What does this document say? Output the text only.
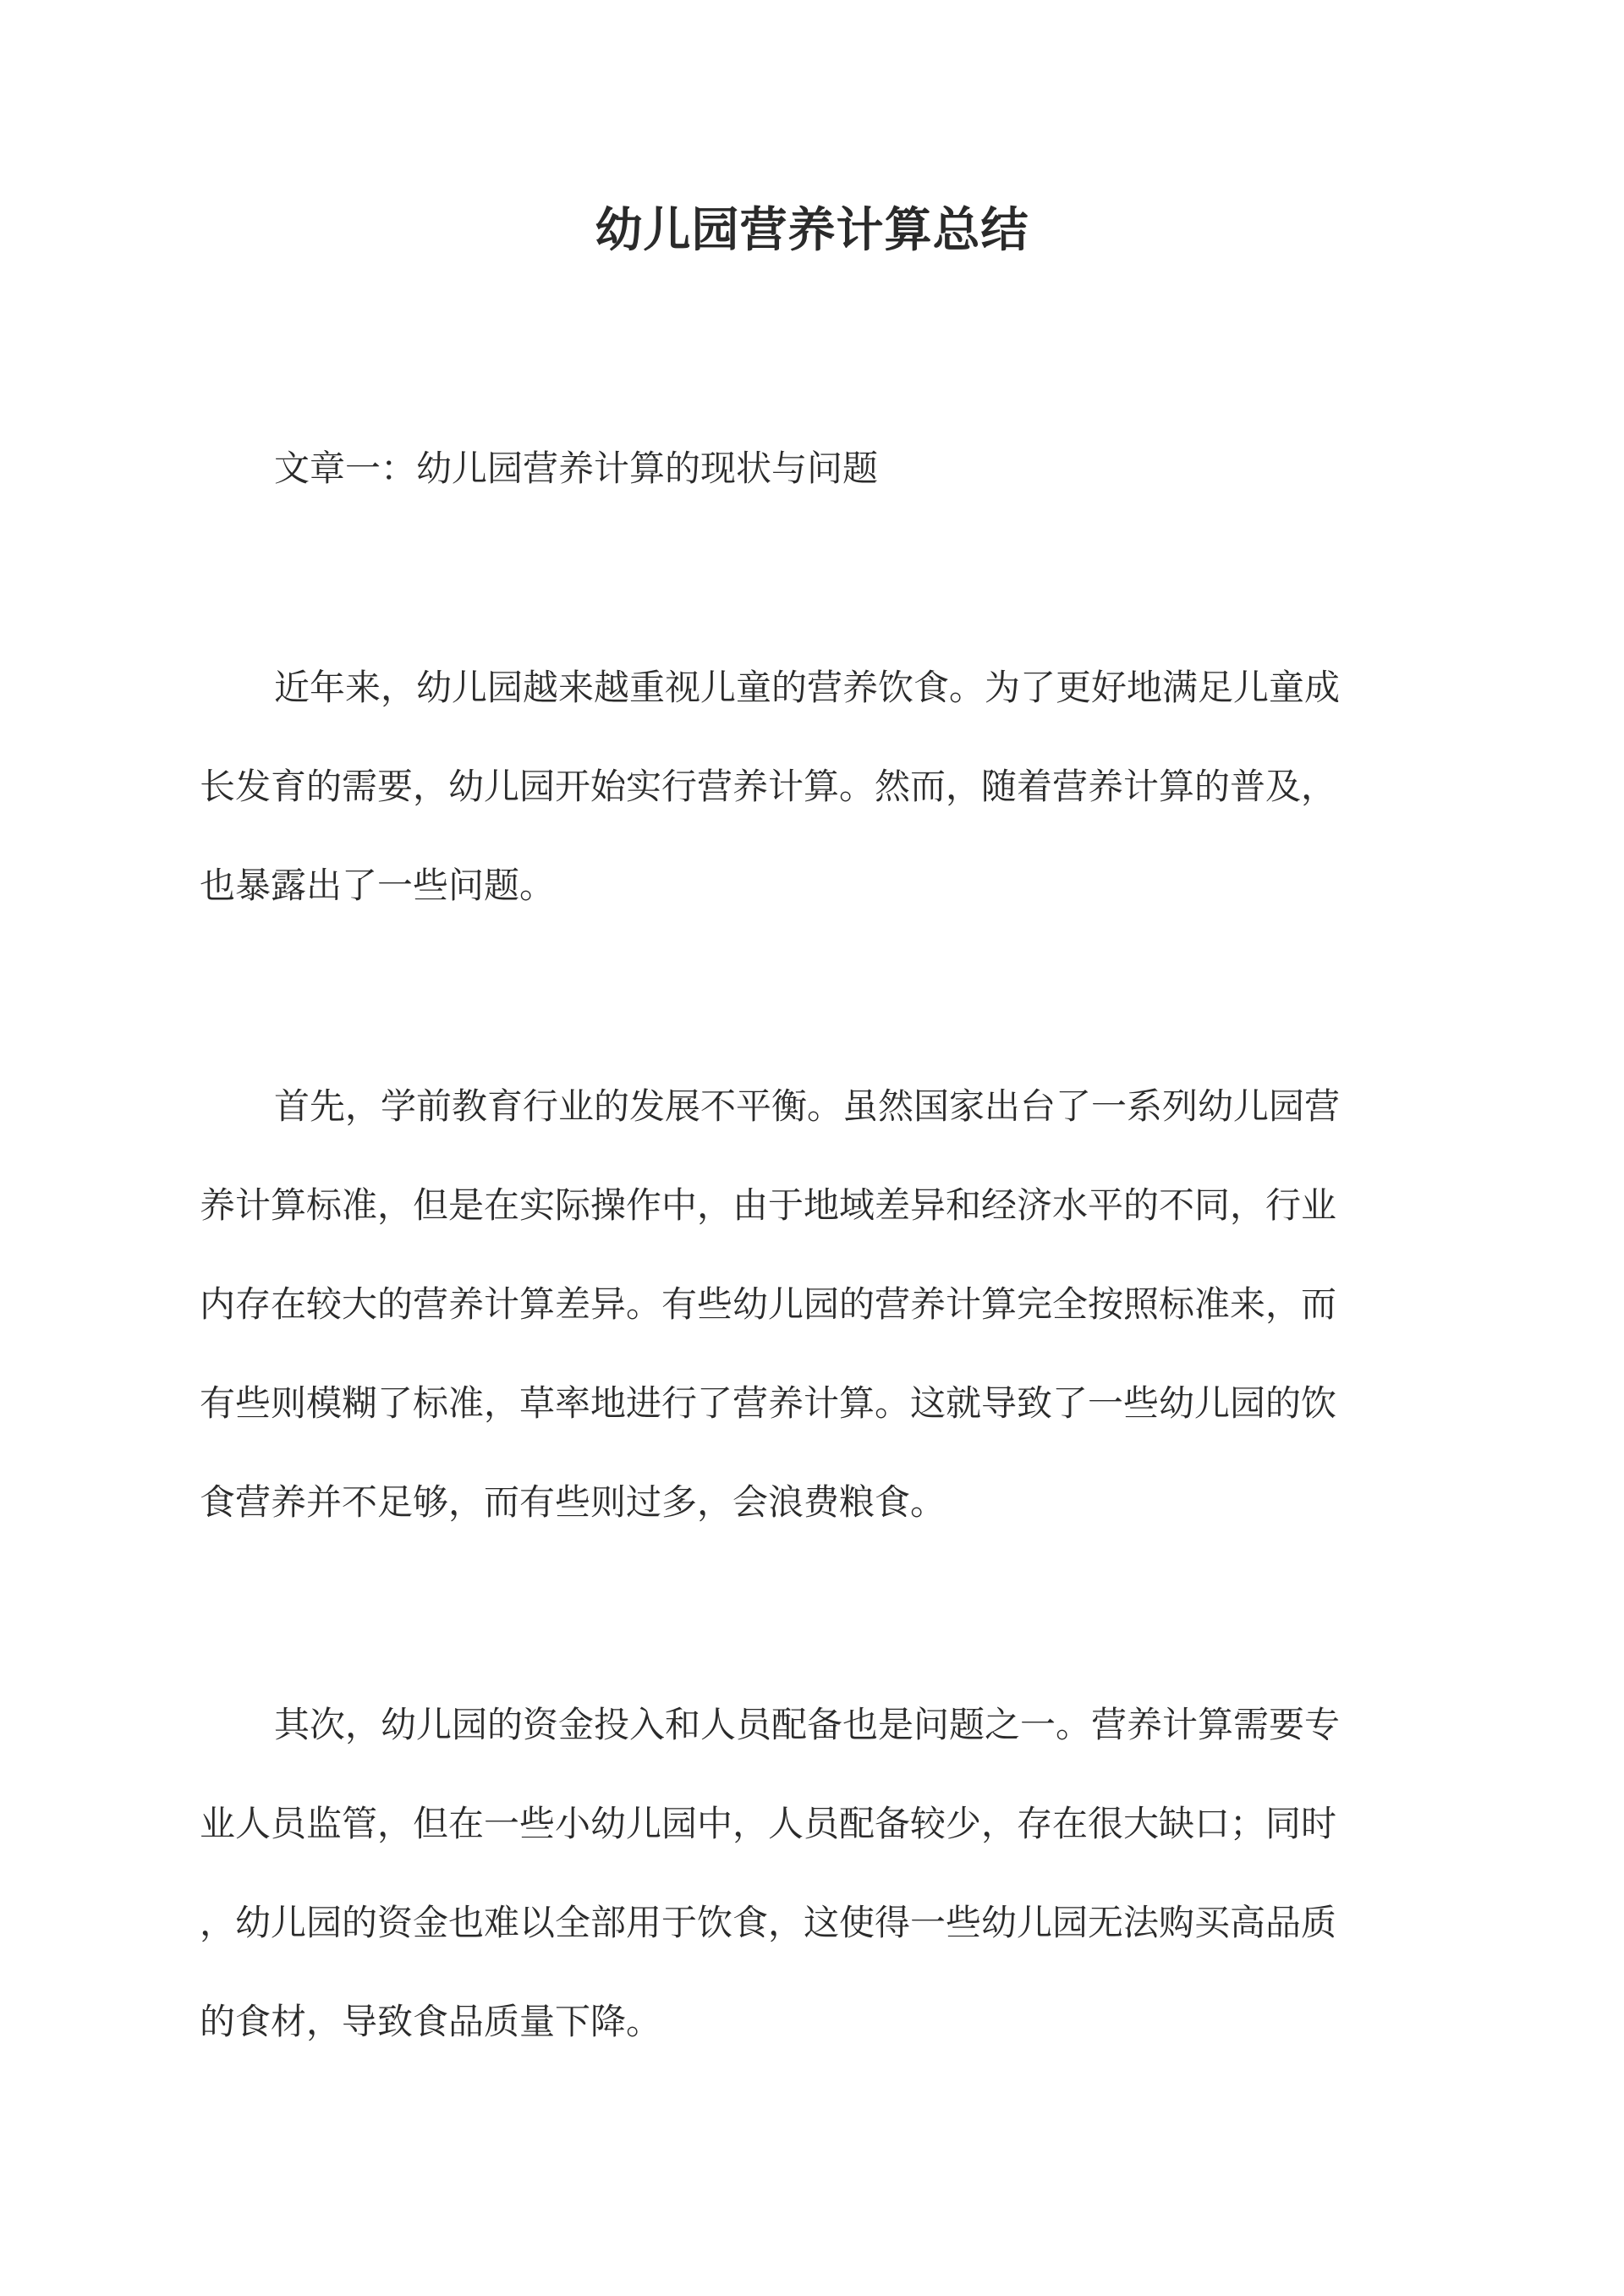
幼儿园营养计算总结

文章一：幼儿园营养计算的现状与问题

近年来，幼儿园越来越重视儿童的营养饮食。为了更好地满足儿童成
长发育的需要，幼儿园开始实行营养计算。然而，随着营养计算的普及，
也暴露出了一些问题。
首先，学前教育行业的发展不平衡。虽然国家出台了一系列幼儿园营
养计算标准，但是在实际操作中，由于地域差异和经济水平的不同，行业
内存在较大的营养计算差异。有些幼儿园的营养计算完全按照标准来，而
有些则模糊了标准，草率地进行了营养计算。这就导致了一些幼儿园的饮
食营养并不足够，而有些则过多，会浪费粮食。
其次，幼儿园的资金投入和人员配备也是问题之一。营养计算需要专
业人员监管，但在一些小幼儿园中，人员配备较少，存在很大缺口；同时
，幼儿园的资金也难以全部用于饮食，这使得一些幼儿园无法购买高品质
的食材，导致食品质量下降。
